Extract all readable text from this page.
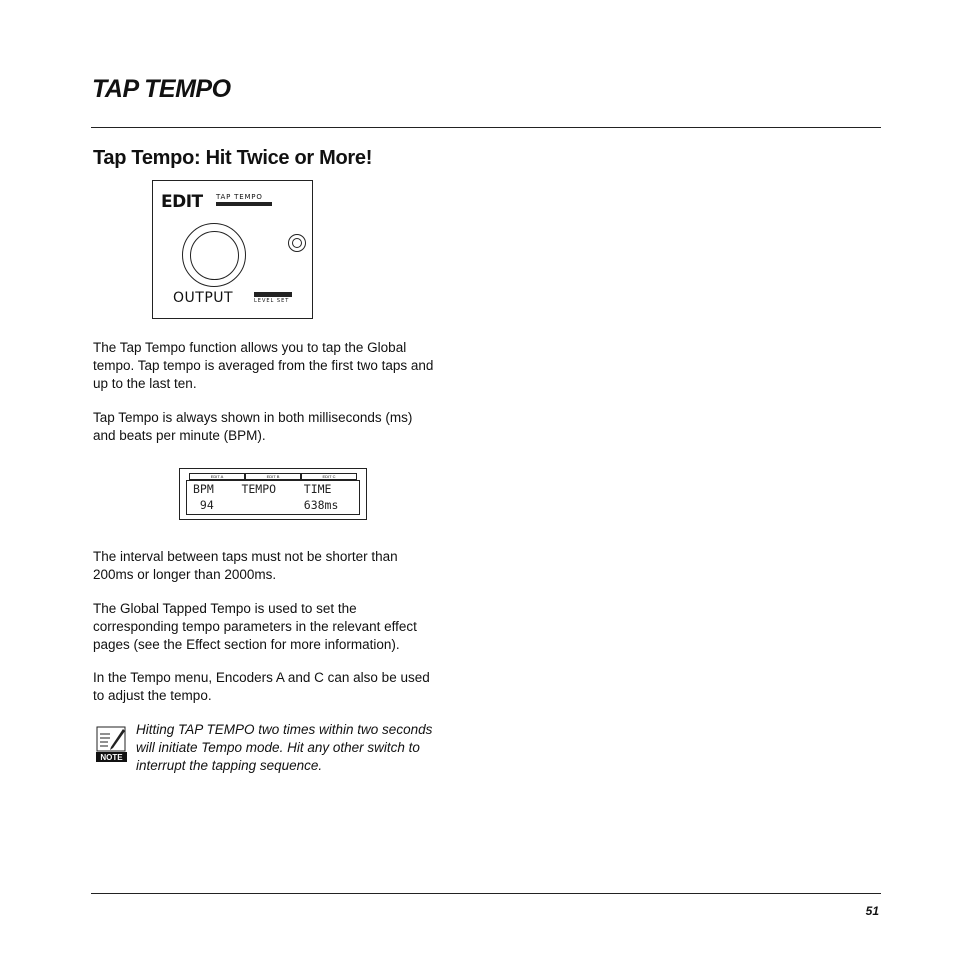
TAP TEMPO
Tap Tempo: Hit Twice or More!
EDIT TAP TEMPO
OUTPUT	LEVEL SET
The Tap Tempo function allows you to tap the Global
tempo. Tap tempo is averaged from the first two taps and
up to the last ten.
Tap Tempo is always shown in both milliseconds (ms)
and beats per minute (BPM).
EDIT A	EDIT B	EDIT C
BPM    TEMPO    TIME
94             638ms
The interval between taps must not be shorter than
200ms or longer than 2000ms.
The Global Tapped Tempo is used to set the
corresponding tempo parameters in the relevant effect
pages (see the Effect section for more information).
In the Tempo menu, Encoders A and C can also be used
to adjust the tempo.
NOTE
Hitting TAP TEMPO two times within two seconds
will initiate Tempo mode. Hit any other switch to
interrupt the tapping sequence.
51
